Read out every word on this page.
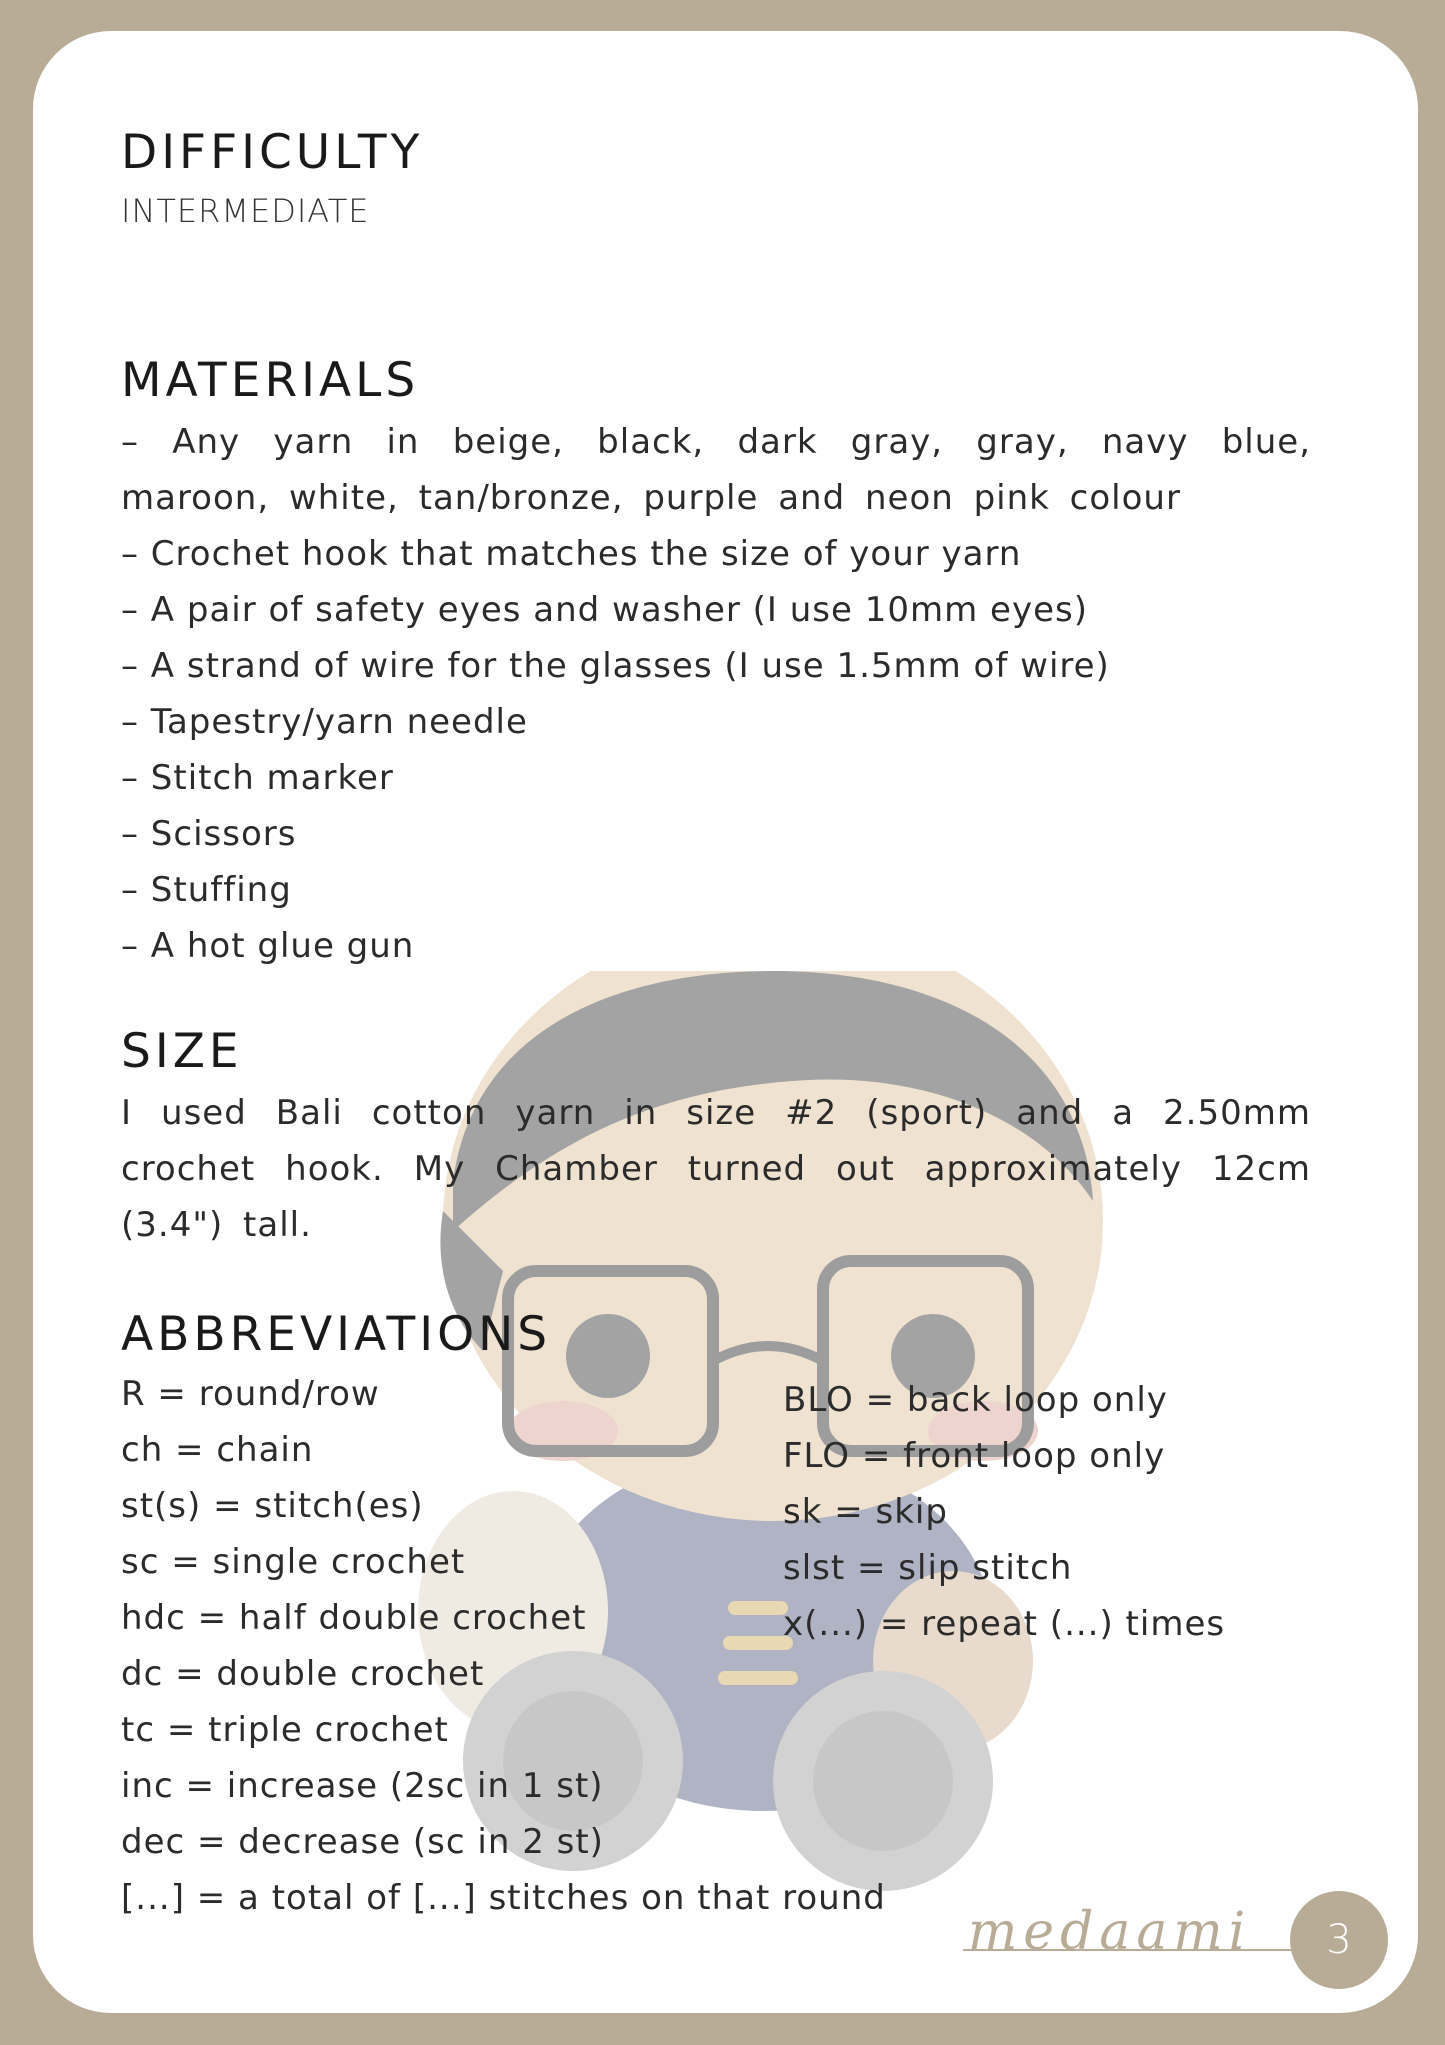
DIFFICULTY

INTERMEDIATE

MATERIALS
– Any yarn in beige, black, dark gray, gray, navy blue, maroon, white, tan/bronze, purple and neon pink colour
– Crochet hook that matches the size of your yarn
– A pair of safety eyes and washer (I use 10mm eyes)
– A strand of wire for the glasses (I use 1.5mm of wire)
– Tapestry/yarn needle
– Stitch marker
– Scissors
– Stuffing
– A hot glue gun
SIZE

I used Bali cotton yarn in size #2 (sport) and a 2.50mm crochet hook. My Chamber turned out approximately 12cm (3.4") tall.

ABBREVIATIONS
R = round/row
ch = chain
st(s) = stitch(es)
sc = single crochet
hdc = half double crochet
dc = double crochet
tc = triple crochet
inc = increase (2sc in 1 st)
dec = decrease (sc in 2 st)
[...] = a total of [...] stitches on that round
BLO = back loop only
FLO = front loop only
sk = skip
slst = slip stitch
x(...) = repeat (...) times
medaami 3
